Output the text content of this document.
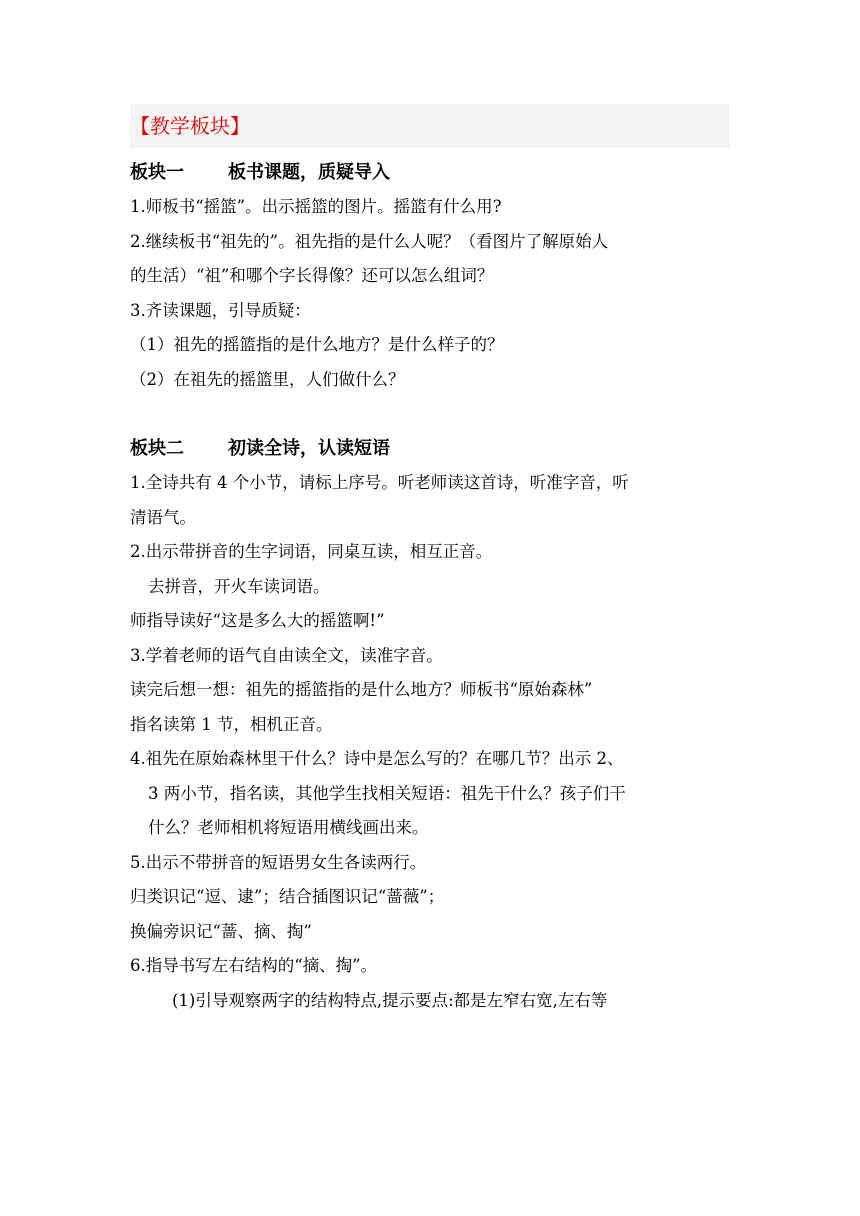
【教学板块】
板块一 板书课题，质疑导入
1.师板书“摇篮”。出示摇篮的图片。摇篮有什么用?
2.继续板书“祖先的”。祖先指的是什么人呢？（看图片了解原始人
的生活）“祖”和哪个字长得像？还可以怎么组词？
3.齐读课题，引导质疑：
（1）祖先的摇篮指的是什么地方？是什么样子的？
（2）在祖先的摇篮里，人们做什么？
板块二 初读全诗，认读短语
1.全诗共有 4 个小节，请标上序号。听老师读这首诗，听准字音，听
清语气。
2.出示带拼音的生字词语，同桌互读，相互正音。
去拼音，开火车读词语。
师指导读好“这是多么大的摇篮啊!”
3.学着老师的语气自由读全文，读准字音。
读完后想一想：祖先的摇篮指的是什么地方？师板书“原始森林”
指名读第 1 节，相机正音。
4.祖先在原始森林里干什么？诗中是怎么写的？在哪几节？出示 2、
3 两小节，指名读，其他学生找相关短语：祖先干什么？孩子们干
什么？老师相机将短语用横线画出来。
5.出示不带拼音的短语男女生各读两行。
归类识记“逗、逮”；结合插图识记“蔷薇”；
换偏旁识记“蔷、摘、掏”
6.指导书写左右结构的“摘、掏”。
(1)引导观察两字的结构特点,提示要点:都是左窄右宽,左右等
